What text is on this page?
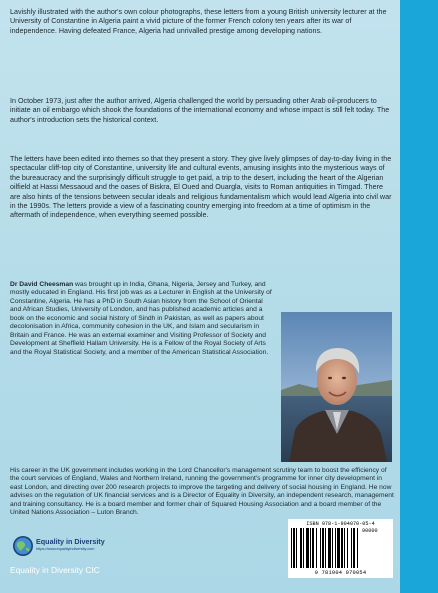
Lavishly illustrated with the author's own colour photographs, these letters from a young British university lecturer at the University of Constantine in Algeria paint a vivid picture of the former French colony ten years after its war of independence. Having defeated France, Algeria had unrivalled prestige among developing nations.

In October 1973, just after the author arrived, Algeria challenged the world by persuading other Arab oil-producers to initiate an oil embargo which shook the foundations of the international economy and whose impact is still felt today. The author's introduction sets the historical context.

The letters have been edited into themes so that they present a story. They give lively glimpses of day-to-day living in the spectacular cliff-top city of Constantine, university life and cultural events, amusing insights into the mysterious ways of the bureaucracy and the surprisingly difficult struggle to get paid, a trip to the desert, including the heart of the Algerian oilfield at Hassi Messaoud and the oases of Biskra, El Oued and Ouargla, visits to Roman antiquities in Timgad. There are also hints of the tensions between secular ideals and religious fundamentalism which would lead Algeria into civil war in the 1990s. The letters provide a view of a fascinating country emerging into freedom at a time of optimism in the aftermath of independence, when everything seemed possible.

Dr David Cheesman was brought up in India, Ghana, Nigeria, Jersey and Turkey, and mostly educated in England. His first job was as a Lecturer in English at the University of Constantine, Algeria. He has a PhD in South Asian history from the School of Oriental and African Studies, University of London, and has published academic articles and a book on the economic and social history of Sindh in Pakistan, as well as papers about decolonisation in Africa, community cohesion in the UK, and Islam and secularism in Britain and France. He was an external examiner and Visiting Professor of Society and Development at Sheffield Hallam University. He is a Fellow of the Royal Society of Arts and the Royal Statistical Society, and a member of the American Statistical Association.

His career in the UK government includes working in the Lord Chancellor's management scrutiny team to boost the efficiency of the court services of England, Wales and Northern Ireland, running the government's programme for inner city development in east London, and directing over 200 research projects to improve the targeting and delivery of social housing in England. He now advises on the regulation of UK financial services and is a Director of Equality in Diversity, an independent research, management and training consultancy. He is a board member and former chair of Squared Housing Association and a board member of the United Nations Association – Luton Branch.

Equality in Diversity
https://www.equalityindiversity.com
Equality in Diversity CIC
ISBN 978-1-904070-05-4
90000
9 781904 070054
